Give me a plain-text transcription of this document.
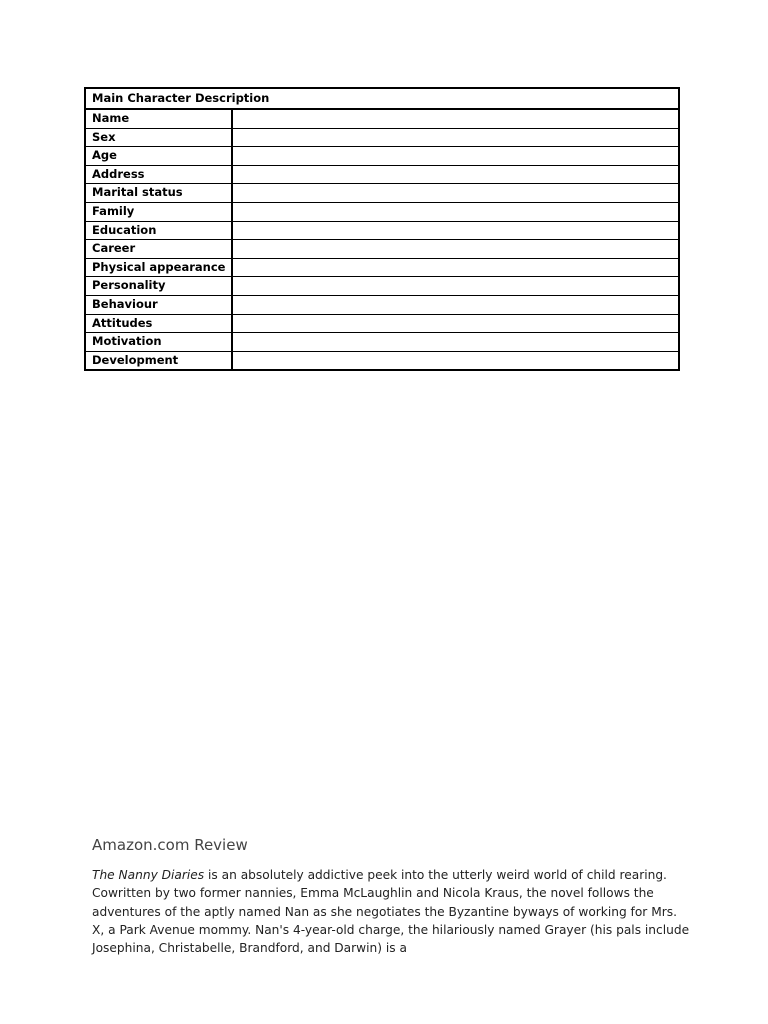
Main Character Description	
Name	
Sex	
Age	
Address	
Marital status	
Family	
Education	
Career	
Physical appearance	
Personality	
Behaviour	
Attitudes	
Motivation	
Development	
Amazon.com Review

The Nanny Diaries is an absolutely addictive peek into the utterly weird world of child rearing. Cowritten by two former nannies, Emma McLaughlin and Nicola Kraus, the novel follows the adventures of the aptly named Nan as she negotiates the Byzantine byways of working for Mrs. X, a Park Avenue mommy. Nan's 4-year-old charge, the hilariously named Grayer (his pals include Josephina, Christabelle, Brandford, and Darwin) is a
